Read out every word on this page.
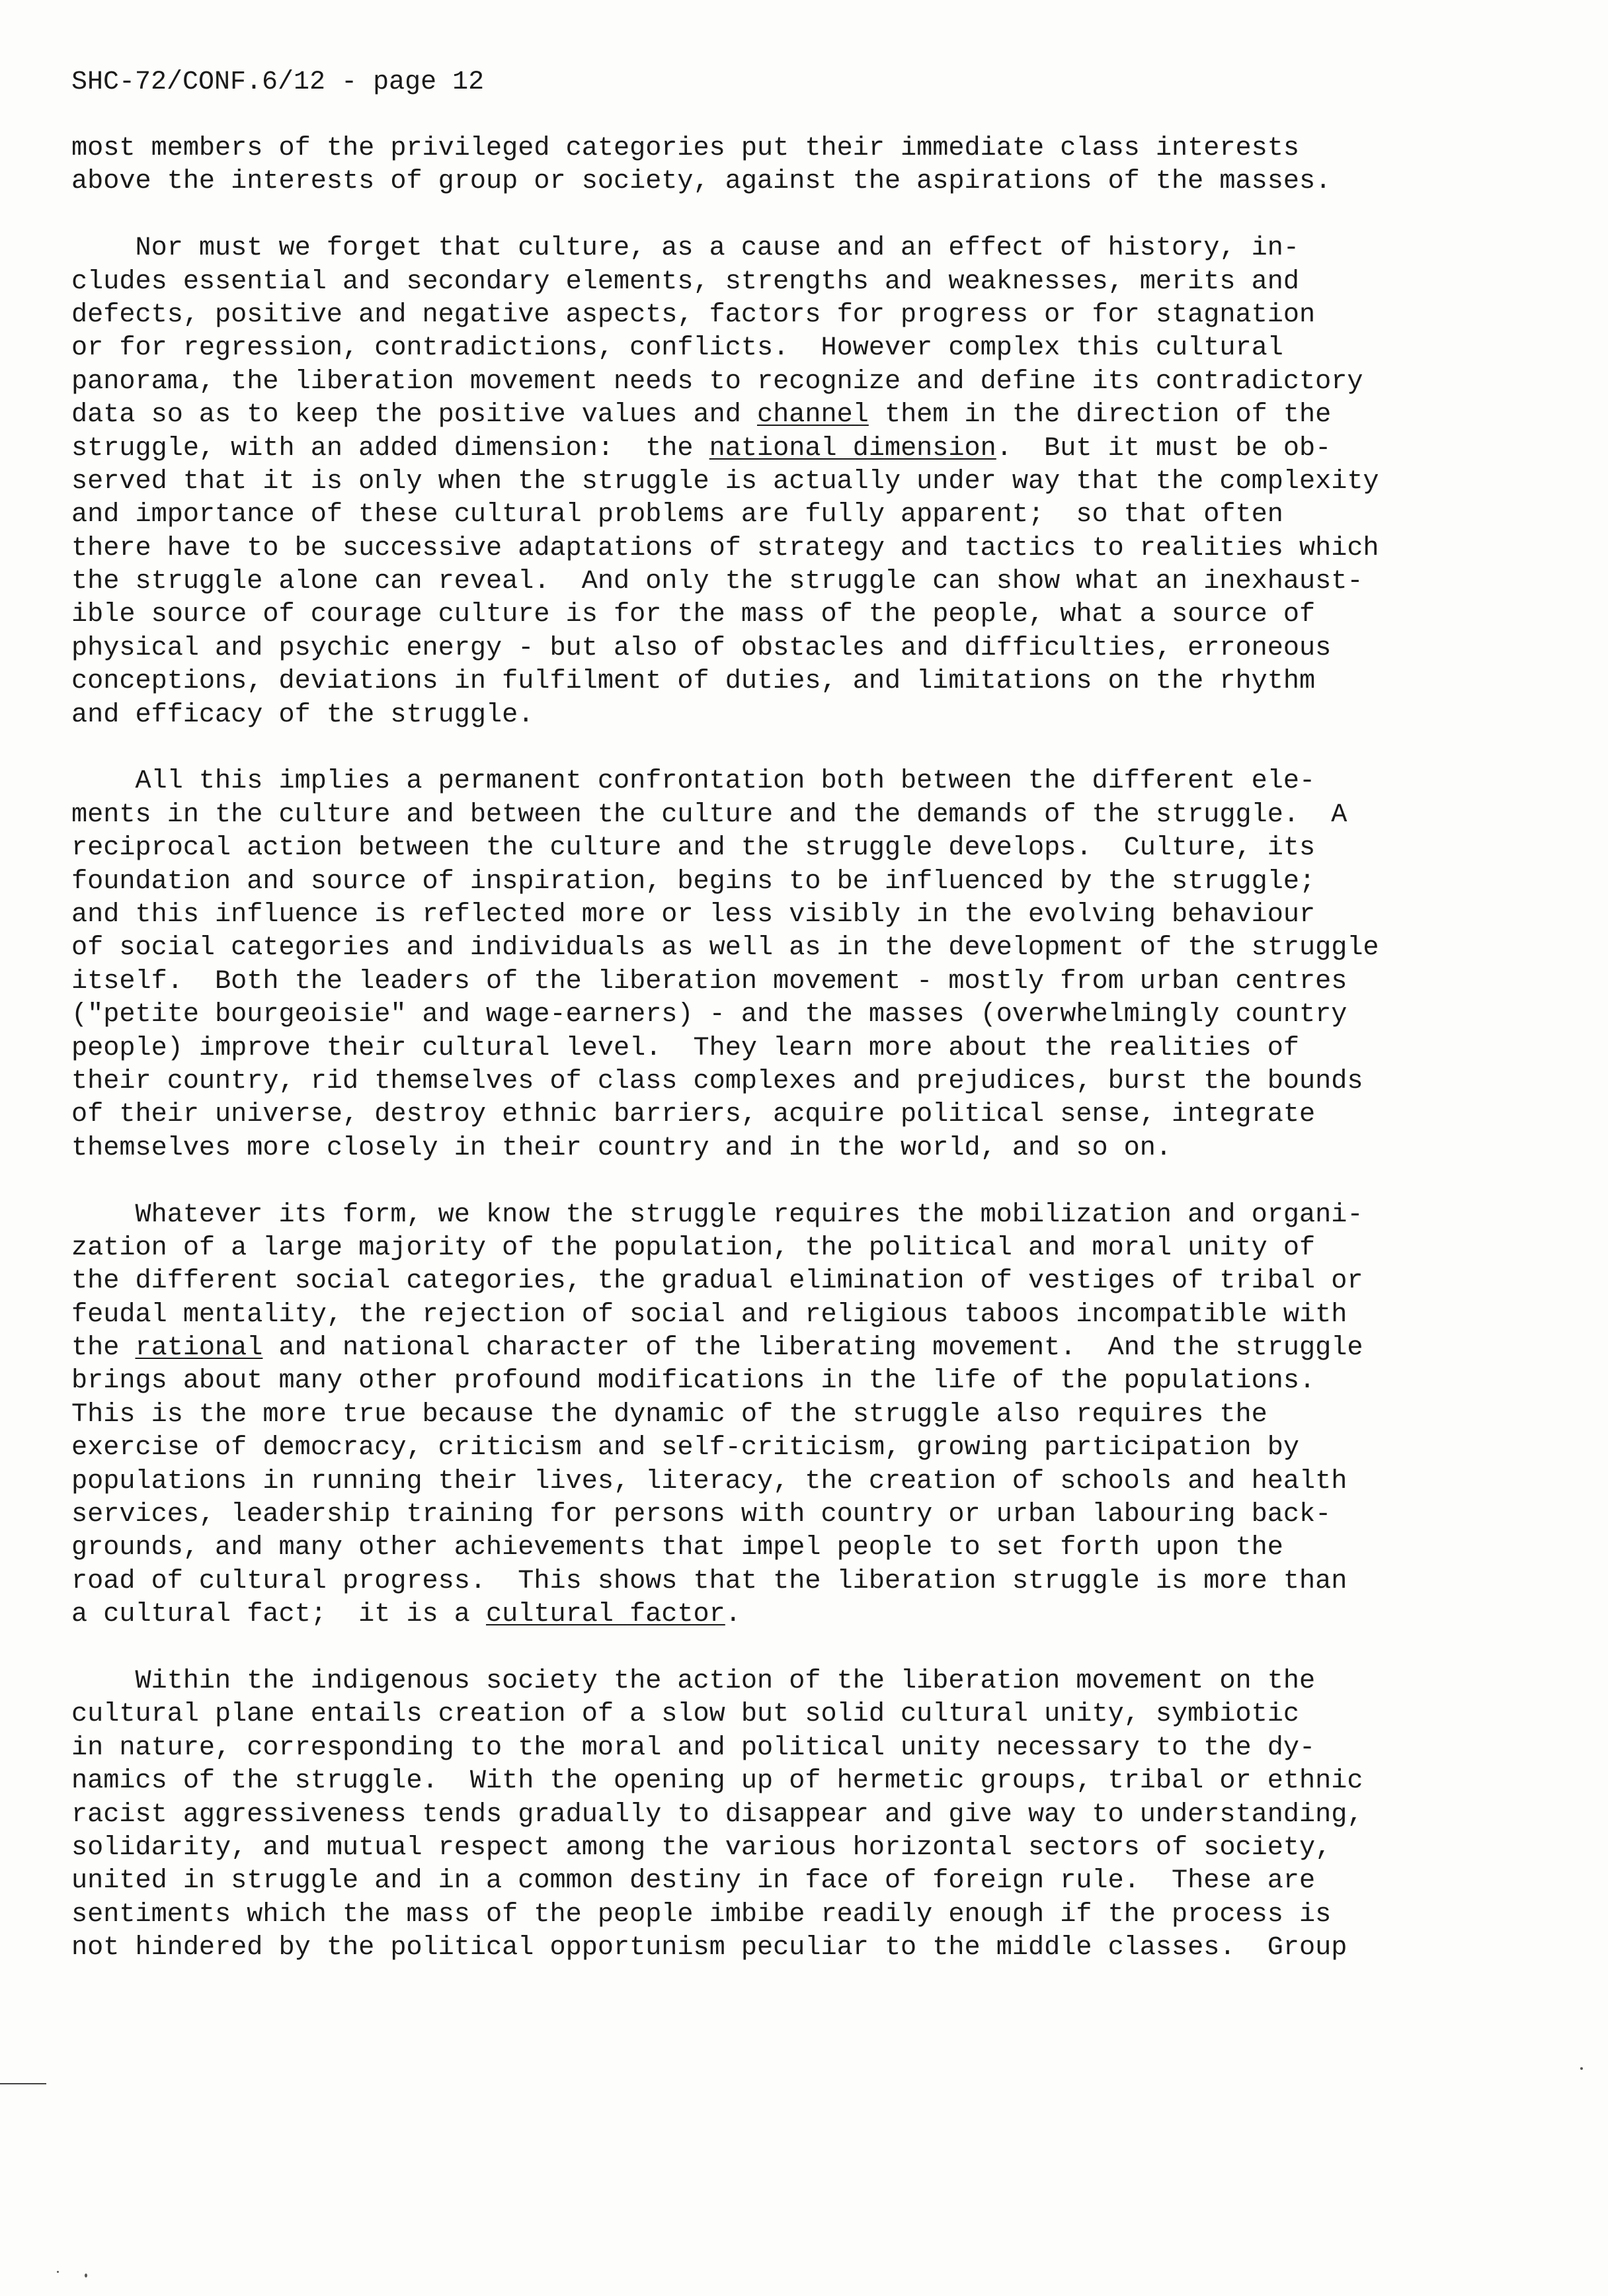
SHC-72/CONF.6/12 - page 12
most members of the privileged categories put their immediate class interests
above the interests of group or society, against the aspirations of the masses.
Nor must we forget that culture, as a cause and an effect of history, in-
cludes essential and secondary elements, strengths and weaknesses, merits and
defects, positive and negative aspects, factors for progress or for stagnation
or for regression, contradictions, conflicts.  However complex this cultural
panorama, the liberation movement needs to recognize and define its contradictory
data so as to keep the positive values and channel them in the direction of the
struggle, with an added dimension:  the national dimension.  But it must be ob-
served that it is only when the struggle is actually under way that the complexity
and importance of these cultural problems are fully apparent;  so that often
there have to be successive adaptations of strategy and tactics to realities which
the struggle alone can reveal.  And only the struggle can show what an inexhaust-
ible source of courage culture is for the mass of the people, what a source of
physical and psychic energy - but also of obstacles and difficulties, erroneous
conceptions, deviations in fulfilment of duties, and limitations on the rhythm
and efficacy of the struggle.
All this implies a permanent confrontation both between the different ele-
ments in the culture and between the culture and the demands of the struggle.  A
reciprocal action between the culture and the struggle develops.  Culture, its
foundation and source of inspiration, begins to be influenced by the struggle;
and this influence is reflected more or less visibly in the evolving behaviour
of social categories and individuals as well as in the development of the struggle
itself.  Both the leaders of the liberation movement - mostly from urban centres
("petite bourgeoisie" and wage-earners) - and the masses (overwhelmingly country
people) improve their cultural level.  They learn more about the realities of
their country, rid themselves of class complexes and prejudices, burst the bounds
of their universe, destroy ethnic barriers, acquire political sense, integrate
themselves more closely in their country and in the world, and so on.
Whatever its form, we know the struggle requires the mobilization and organi-
zation of a large majority of the population, the political and moral unity of
the different social categories, the gradual elimination of vestiges of tribal or
feudal mentality, the rejection of social and religious taboos incompatible with
the rational and national character of the liberating movement.  And the struggle
brings about many other profound modifications in the life of the populations.
This is the more true because the dynamic of the struggle also requires the
exercise of democracy, criticism and self-criticism, growing participation by
populations in running their lives, literacy, the creation of schools and health
services, leadership training for persons with country or urban labouring back-
grounds, and many other achievements that impel people to set forth upon the
road of cultural progress.  This shows that the liberation struggle is more than
a cultural fact;  it is a cultural factor.
Within the indigenous society the action of the liberation movement on the
cultural plane entails creation of a slow but solid cultural unity, symbiotic
in nature, corresponding to the moral and political unity necessary to the dy-
namics of the struggle.  With the opening up of hermetic groups, tribal or ethnic
racist aggressiveness tends gradually to disappear and give way to understanding,
solidarity, and mutual respect among the various horizontal sectors of society,
united in struggle and in a common destiny in face of foreign rule.  These are
sentiments which the mass of the people imbibe readily enough if the process is
not hindered by the political opportunism peculiar to the middle classes.  Group
